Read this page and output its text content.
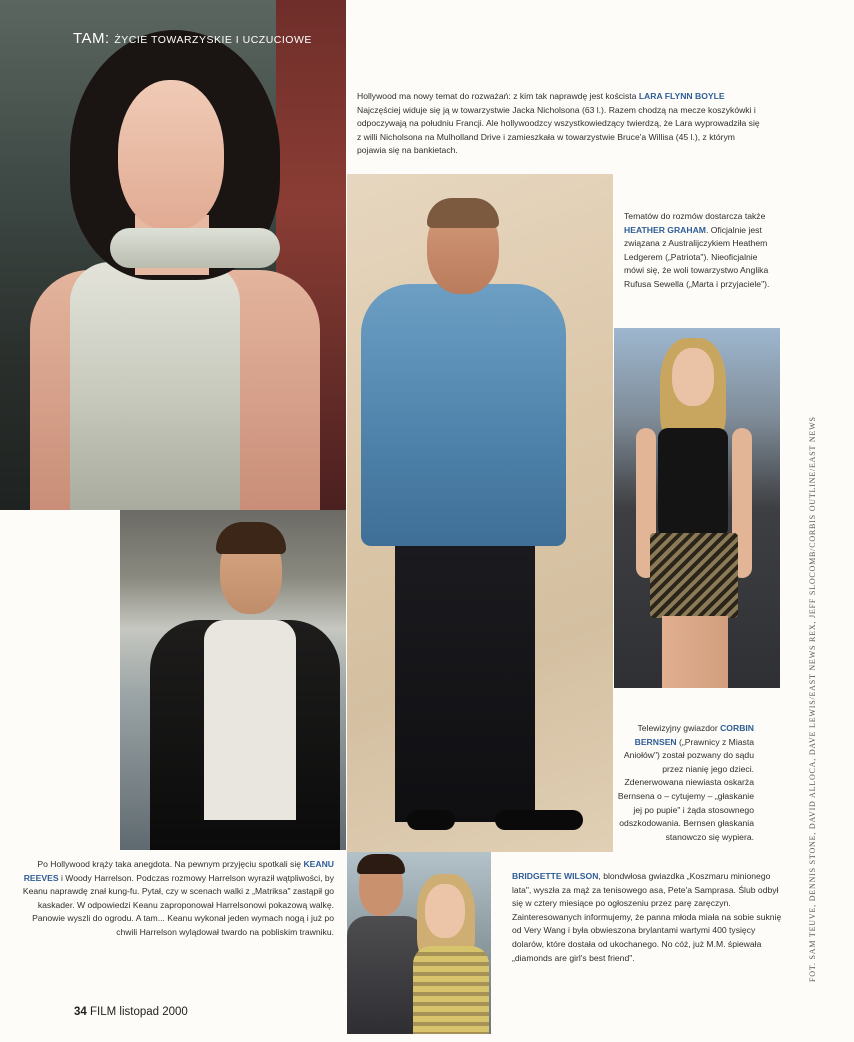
TAM: ŻYCIE TOWARZYSKIE I UCZUCIOWE
Hollywood ma nowy temat do rozważań: z kim tak naprawdę jest koścista LARA FLYNN BOYLE Najczęściej widuje się ją w towarzystwie Jacka Nicholsona (63 l.). Razem chodzą na mecze koszykówki i odpoczywają na południu Francji. Ale hollywoodzcy wszystkowiedzący twierdzą, że Lara wyprowadziła się z willi Nicholsona na Mulholland Drive i zamieszkała w towarzystwie Bruce'a Willisa (45 l.), z którym pojawia się na bankietach.
Tematów do rozmów dostarcza także HEATHER GRAHAM. Oficjalnie jest związana z Australijczykiem Heathem Ledgerem („Patriota"). Nieoficjalnie mówi się, że woli towarzystwo Anglika Rufusa Sewella („Marta i przyjaciele").
Telewizyjny gwiazdor CORBIN BERNSEN („Prawnicy z Miasta Aniołów") został pozwany do sądu przez nianię jego dzieci. Zdenerwowana niewiasta oskarża Bernsena o – cytujemy – „głaskanie jej po pupie" i żąda stosownego odszkodowania. Bernsen głaskania stanowczo się wypiera.
Po Hollywood krąży taka anegdota. Na pewnym przyjęciu spotkali się KEANU REEVES i Woody Harrelson. Podczas rozmowy Harrelson wyraził wątpliwości, by Keanu naprawdę znał kung-fu. Pytał, czy w scenach walki z „Matriksa" zastąpił go kaskader. W odpowiedzi Keanu zaproponował Harrelsonowi pokazową walkę. Panowie wyszli do ogrodu. A tam... Keanu wykonał jeden wymach nogą i już po chwili Harrelson wylądował twardo na pobliskim trawniku.
BRIDGETTE WILSON, blondwłosa gwiazdka „Koszmaru minionego lata", wyszła za mąż za tenisowego asa, Pete'a Samprasa. Ślub odbył się w cztery miesiące po ogłoszeniu przez parę zaręczyn. Zainteresowanych informujemy, że panna młoda miała na sobie suknię od Very Wang i była obwieszona brylantami wartymi 400 tysięcy dolarów, które dostała od ukochanego. No cóż, już M.M. śpiewała „diamonds are girl's best friend".	FOT. SAM TEUVE, DENNIS STONE, DAVID ALLOCA, DAVE LEWIS/EAST NEWS REX, JEFF SLOCOMB/CORBIS OUTLINE/EAST NEWS
34 FILM listopad 2000
